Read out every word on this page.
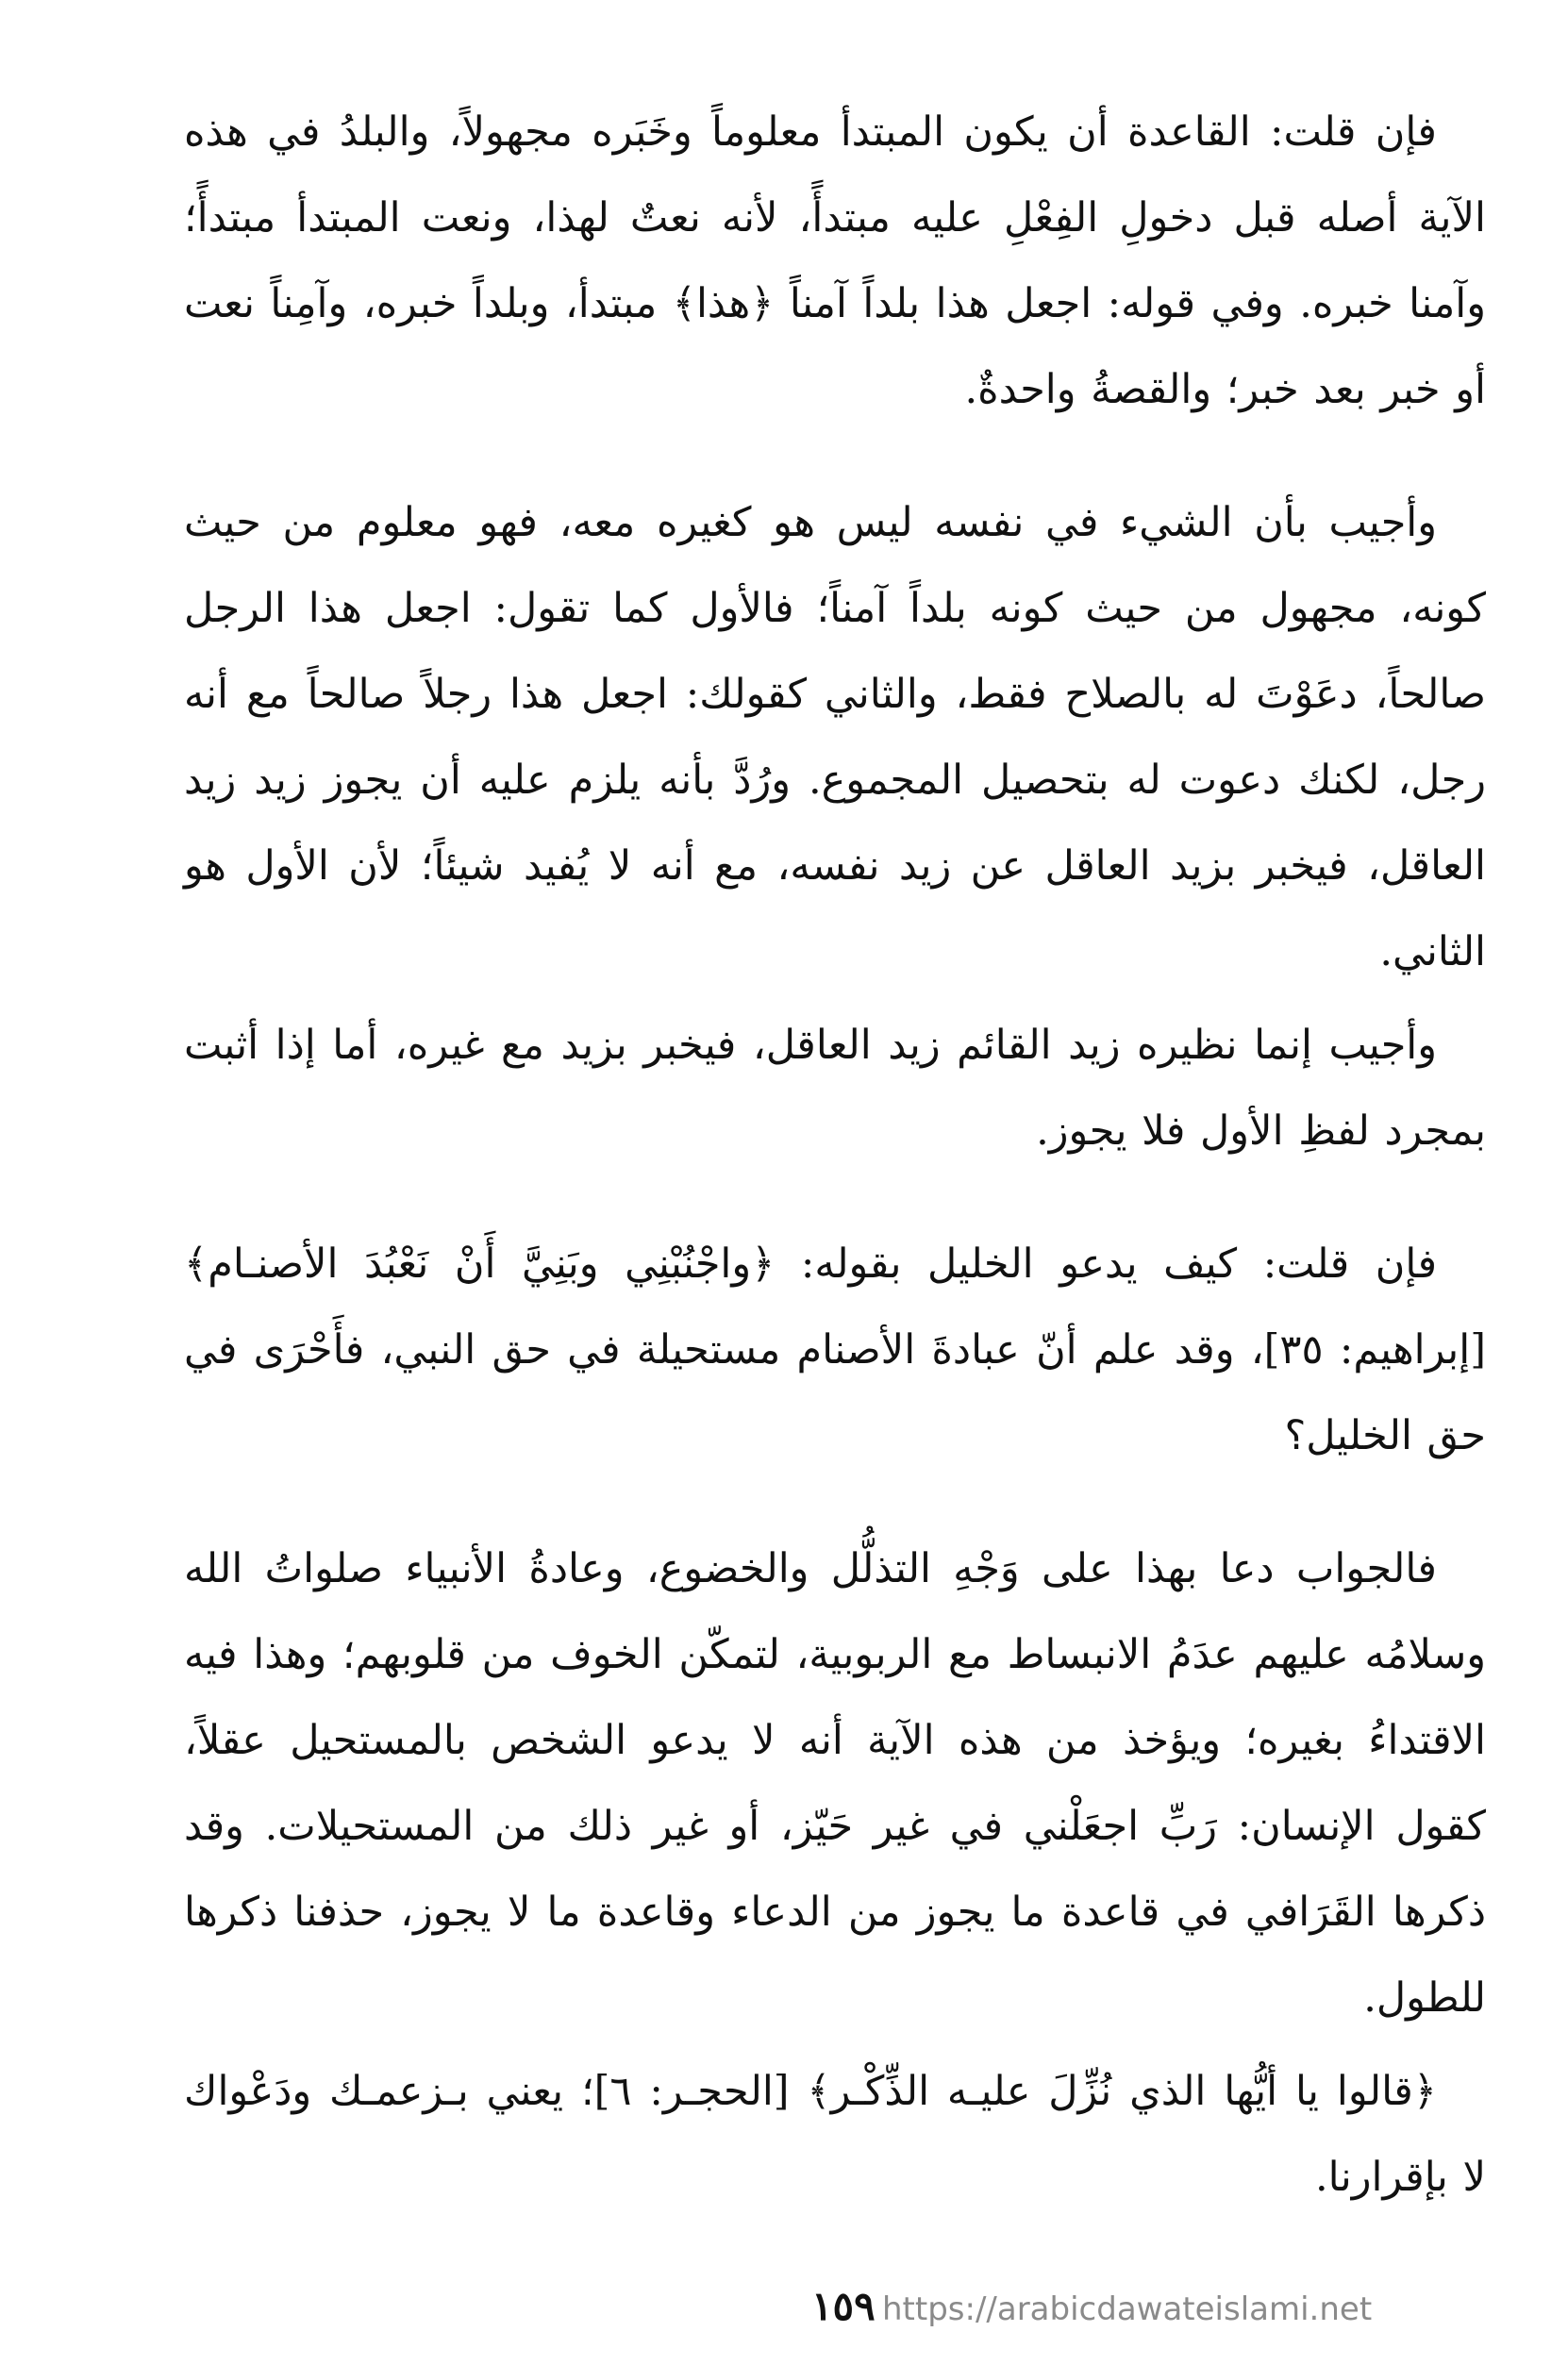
فإن قلت: القاعدة أن يكون المبتدأ معلوماً وخَبَره مجهولاً، والبلدُ في هذه الآية أصله قبل دخولِ الفِعْلِ عليه مبتدأً، لأنه نعتٌ لهذا، ونعت المبتدأ مبتدأً؛ وآمنا خبره. وفي قوله: اجعل هذا بلداً آمناً ﴿هذا﴾ مبتدأ، وبلداً خبره، وآمِناً نعت أو خبر بعد خبر؛ والقصةُ واحدةٌ.

وأجيب بأن الشيء في نفسه ليس هو كغيره معه، فهو معلوم من حيث كونه، مجهول من حيث كونه بلداً آمناً؛ فالأول كما تقول: اجعل هذا الرجل صالحاً، دعَوْتَ له بالصلاح فقط، والثاني كقولك: اجعل هذا رجلاً صالحاً مع أنه رجل، لكنك دعوت له بتحصيل المجموع. ورُدَّ بأنه يلزم عليه أن يجوز زيد زيد العاقل، فيخبر بزيد العاقل عن زيد نفسه، مع أنه لا يُفيد شيئاً؛ لأن الأول هو الثاني.

وأجيب إنما نظيره زيد القائم زيد العاقل، فيخبر بزيد مع غيره، أما إذا أثبت بمجرد لفظِ الأول فلا يجوز.

فإن قلت: كيف يدعو الخليل بقوله: ﴿واجْنُبْنِي وبَنِيَّ أَنْ نَعْبُدَ الأصنـام﴾ [إبراهيم: ٣٥]، وقد علم أنّ عبادةَ الأصنام مستحيلة في حق النبي، فأَحْرَى في حق الخليل؟

فالجواب دعا بهذا على وَجْهِ التذلُّل والخضوع، وعادةُ الأنبياء صلواتُ الله وسلامُه عليهم عدَمُ الانبساط مع الربوبية، لتمكّن الخوف من قلوبهم؛ وهذا فيه الاقتداءُ بغيره؛ ويؤخذ من هذه الآية أنه لا يدعو الشخص بالمستحيل عقلاً، كقول الإنسان: رَبِّ اجعَلْني في غير حَيّز، أو غير ذلك من المستحيلات. وقد ذكرها القَرَافي في قاعدة ما يجوز من الدعاء وقاعدة ما لا يجوز، حذفنا ذكرها للطول.

﴿قالوا يا أيُّها الذي نُزِّلَ عليـه الذِّكْـر﴾ [الحجـر: ٦]؛ يعني بـزعمـك ودَعْواك لا بإقرارنا.

١٥٩ https://arabicdawateislami.net
